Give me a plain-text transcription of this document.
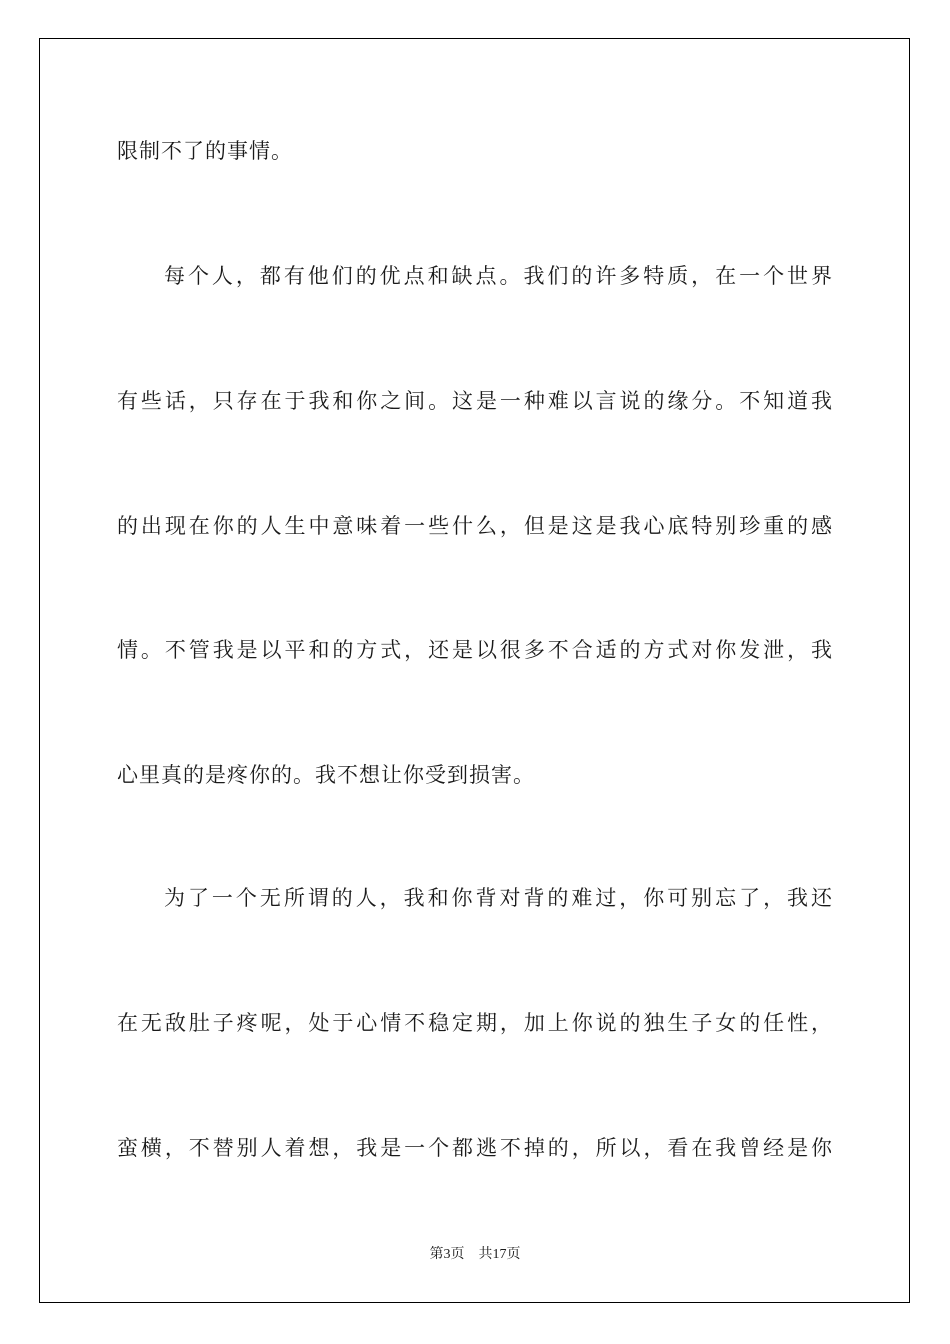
限制不了的事情。
每个人，都有他们的优点和缺点。我们的许多特质，在一个世界
有些话，只存在于我和你之间。这是一种难以言说的缘分。不知道我
的出现在你的人生中意味着一些什么，但是这是我心底特别珍重的感
情。不管我是以平和的方式，还是以很多不合适的方式对你发泄，我
心里真的是疼你的。我不想让你受到损害。
为了一个无所谓的人，我和你背对背的难过，你可别忘了，我还
在无敌肚子疼呢，处于心情不稳定期，加上你说的独生子女的任性，
蛮横，不替别人着想，我是一个都逃不掉的，所以，看在我曾经是你
第3页 共17页
